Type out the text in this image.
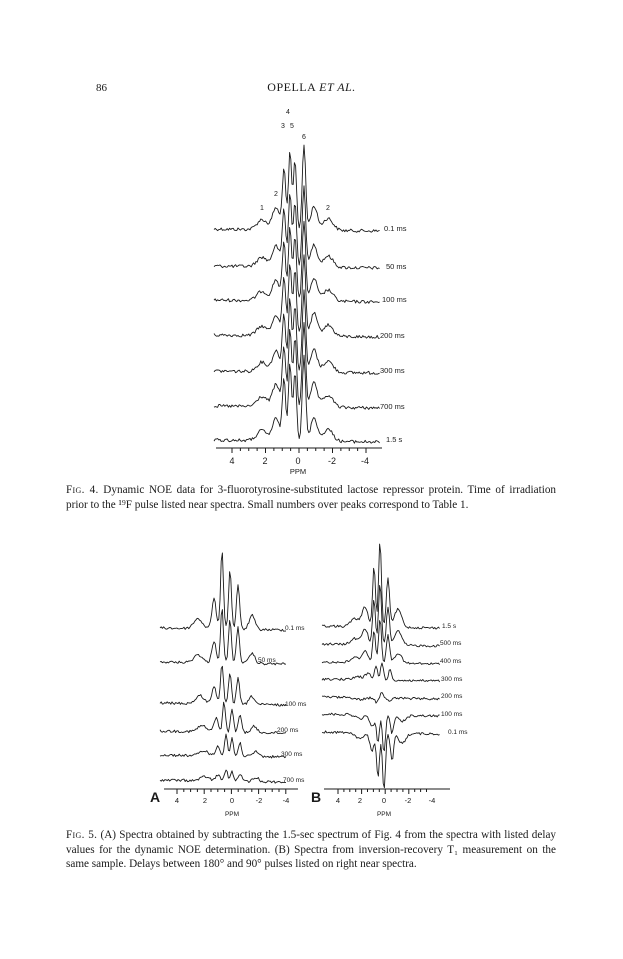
86	OPELLA ET AL.
4
3 5
6
2
1	2
0.1 ms
50 ms
100 ms
200 ms
300 ms
700 ms
1.5 s
4	2	0	-2	-4
PPM
0.1 ms
50 ms
100 ms
200 ms
300 ms
700 ms
A 4	2	0	-2	-4
PPM
1.5 s
500 ms
400 ms
300 ms
200 ms
100 ms
0.1 ms
B 4 2	0 -2 -4
PPM
Fig. 4. Dynamic NOE data for 3-fluorotyrosine-substituted lactose repressor protein. Time of irradiation prior to the ¹⁹F pulse listed near spectra. Small numbers over peaks correspond to Table 1.
Fig. 5. (A) Spectra obtained by subtracting the 1.5-sec spectrum of Fig. 4 from the spectra with listed delay values for the dynamic NOE determination. (B) Spectra from inversion-recovery T₁ measurement on the same sample. Delays between 180° and 90° pulses listed on right near spectra.
